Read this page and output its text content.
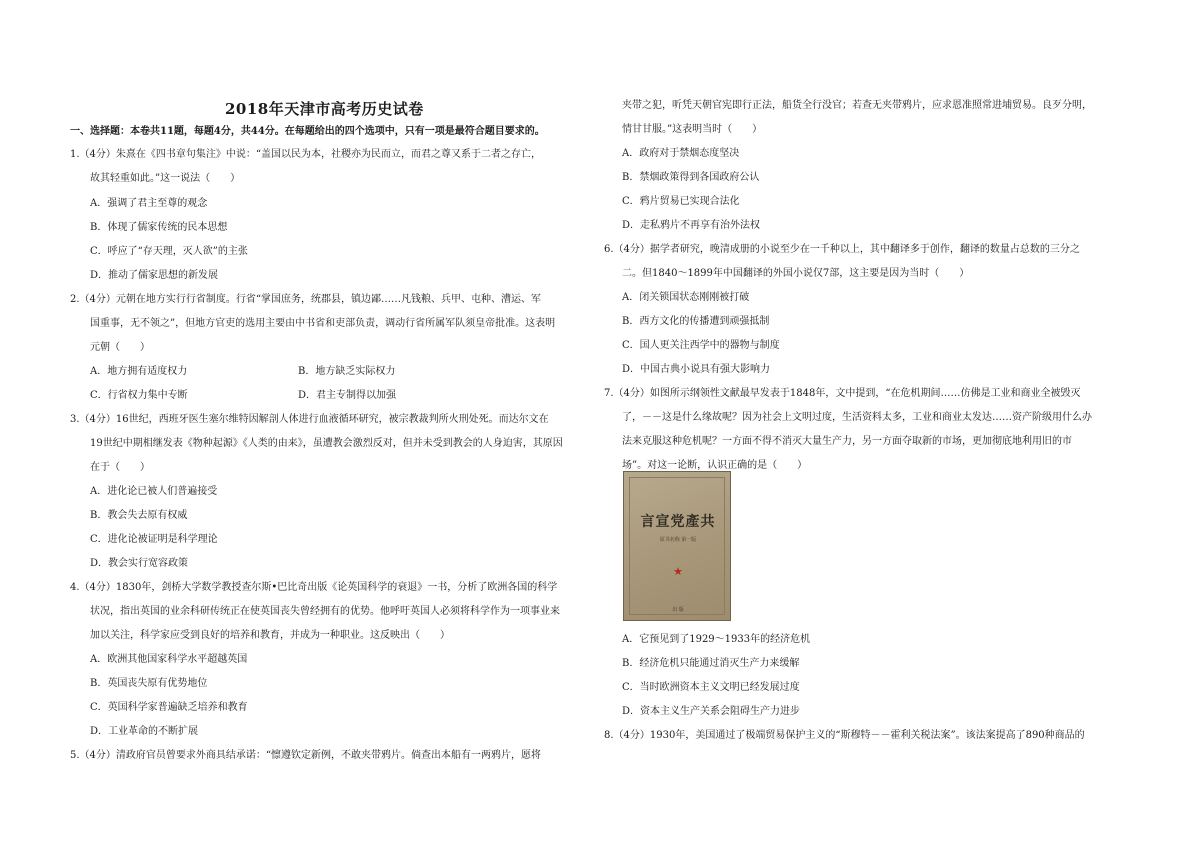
2018年天津市高考历史试卷
一、选择题：本卷共11题，每题4分，共44分。在每题给出的四个选项中，只有一项是最符合题目要求的。
1.（4分）朱熹在《四书章句集注》中说：“盖国以民为本，社稷亦为民而立，而君之尊又系于二者之存亡，
故其轻重如此。”这一说法（　　）
A．强调了君主至尊的观念
B．体现了儒家传统的民本思想
C．呼应了“存天理，灭人欲”的主张
D．推动了儒家思想的新发展
2.（4分）元朝在地方实行行省制度。行省“掌国庶务，统郡县，镇边鄙……凡钱粮、兵甲、屯种、漕运、军
国重事，无不领之”，但地方官吏的选用主要由中书省和吏部负责，调动行省所属军队须皇帝批准。这表明
元朝（　　）
A．地方拥有适度权力	B．地方缺乏实际权力
C．行省权力集中专断	D．君主专制得以加强
3.（4分）16世纪，西班牙医生塞尔维特因解剖人体进行血液循环研究，被宗教裁判所火刑处死。而达尔文在
19世纪中期相继发表《物种起源》《人类的由来》，虽遭教会激烈反对，但并未受到教会的人身迫害，其原因
在于（　　）
A．进化论已被人们普遍接受
B．教会失去原有权威
C．进化论被证明是科学理论
D．教会实行宽容政策
4.（4分）1830年，剑桥大学数学教授查尔斯•巴比奇出版《论英国科学的衰退》一书，分析了欧洲各国的科学
状况，指出英国的业余科研传统正在使英国丧失曾经拥有的优势。他呼吁英国人必须将科学作为一项事业来
加以关注，科学家应受到良好的培养和教育，并成为一种职业。这反映出（　　）
A．欧洲其他国家科学水平超越英国
B．英国丧失原有优势地位
C．英国科学家普遍缺乏培养和教育
D．工业革命的不断扩展
5.（4分）清政府官员曾要求外商具结承诺：“懔遵钦定新例，不敢夹带鸦片。倘查出本船有一两鸦片，愿将
夹带之犯，听凭天朝官宪即行正法，船货全行没官；若查无夹带鸦片，应求恩准照常进埔贸易。良歹分明，
情甘甘服。”这表明当时（　　）
A．政府对于禁烟态度坚决
B．禁烟政策得到各国政府公认
C．鸦片贸易已实现合法化
D．走私鸦片不再享有治外法权
6.（4分）据学者研究，晚清成册的小说至少在一千种以上，其中翻译多于创作，翻译的数量占总数的三分之
二。但1840～1899年中国翻译的外国小说仅7部，这主要是因为当时（　　）
A．闭关锁国状态刚刚被打破
B．西方文化的传播遭到顽强抵制
C．国人更关注西学中的器物与制度
D．中国古典小说具有强大影响力
7.（4分）如图所示纲领性文献最早发表于1848年，文中提到，“在危机期间……仿佛是工业和商业全被毁灭
了，－－这是什么缘故呢？因为社会上文明过度，生活资料太多，工业和商业太发达……资产阶级用什么办
法来克服这种危机呢？一方面不得不消灭大量生产力，另一方面夺取新的市场，更加彻底地利用旧的市
场”。对这一论断，认识正确的是（　　）
A．它预见到了1929～1933年的经济危机
B．经济危机只能通过消灭生产力来缓解
C．当时欧洲资本主义文明已经发展过度
D．资本主义生产关系会阻碍生产力进步
8.（4分）1930年，美国通过了极端贸易保护主义的“斯穆特－－霍利关税法案”。该法案提高了890种商品的
言宣党產共
原书名称 第一版
★
出 版
